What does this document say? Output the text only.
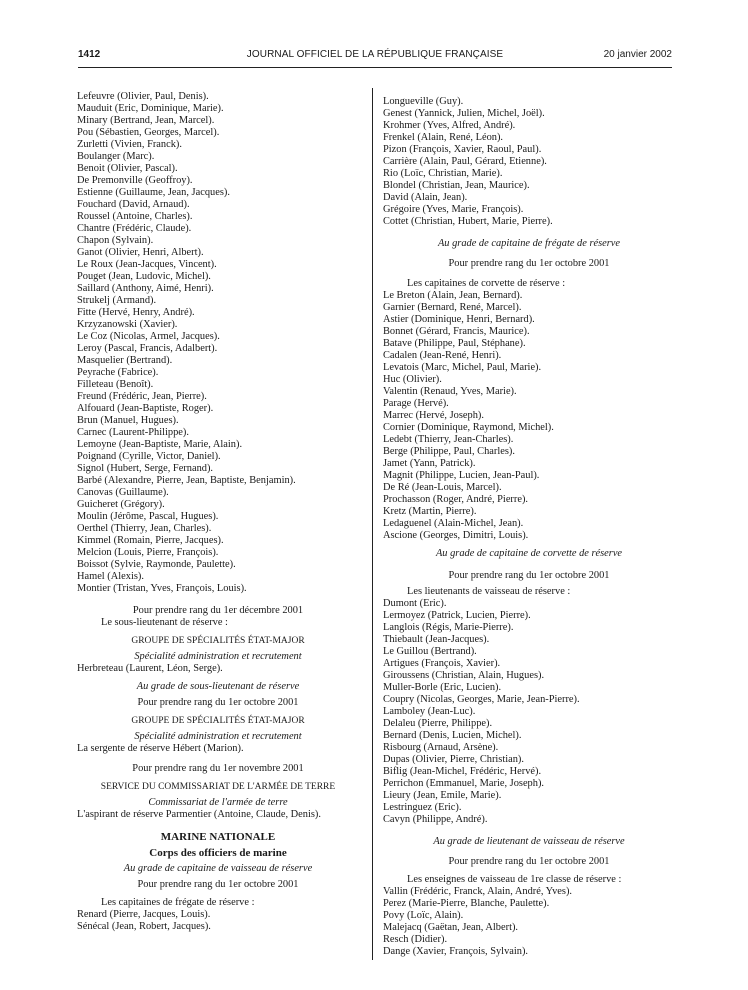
1412	JOURNAL OFFICIEL DE LA RÉPUBLIQUE FRANÇAISE	20 janvier 2002
Lefeuvre (Olivier, Paul, Denis).
Mauduit (Eric, Dominique, Marie).
Minary (Bertrand, Jean, Marcel).
Pou (Sébastien, Georges, Marcel).
Zurletti (Vivien, Franck).
Boulanger (Marc).
Benoit (Olivier, Pascal).
De Premonville (Geoffroy).
Estienne (Guillaume, Jean, Jacques).
Fouchard (David, Arnaud).
Roussel (Antoine, Charles).
Chantre (Frédéric, Claude).
Chapon (Sylvain).
Ganot (Olivier, Henri, Albert).
Le Roux (Jean-Jacques, Vincent).
Pouget (Jean, Ludovic, Michel).
Saillard (Anthony, Aimé, Henri).
Strukelj (Armand).
Fitte (Hervé, Henry, André).
Krzyzanowski (Xavier).
Le Coz (Nicolas, Armel, Jacques).
Leroy (Pascal, Francis, Adalbert).
Masquelier (Bertrand).
Peyrache (Fabrice).
Filleteau (Benoît).
Freund (Frédéric, Jean, Pierre).
Alfouard (Jean-Baptiste, Roger).
Brun (Manuel, Hugues).
Carnec (Laurent-Philippe).
Lemoyne (Jean-Baptiste, Marie, Alain).
Poignand (Cyrille, Victor, Daniel).
Signol (Hubert, Serge, Fernand).
Barbé (Alexandre, Pierre, Jean, Baptiste, Benjamin).
Canovas (Guillaume).
Guicheret (Grégory).
Moulin (Jérôme, Pascal, Hugues).
Oerthel (Thierry, Jean, Charles).
Kimmel (Romain, Pierre, Jacques).
Melcion (Louis, Pierre, François).
Boissot (Sylvie, Raymonde, Paulette).
Hamel (Alexis).
Montier (Tristan, Yves, François, Louis).
Pour prendre rang du 1er décembre 2001
Le sous-lieutenant de réserve :
GROUPE DE SPÉCIALITÉS ÉTAT-MAJOR
Spécialité administration et recrutement
Herbreteau (Laurent, Léon, Serge).
Au grade de sous-lieutenant de réserve
Pour prendre rang du 1er octobre 2001
GROUPE DE SPÉCIALITÉS ÉTAT-MAJOR
Spécialité administration et recrutement
La sergente de réserve Hébert (Marion).
Pour prendre rang du 1er novembre 2001
SERVICE DU COMMISSARIAT DE L'ARMÉE DE TERRE
Commissariat de l'armée de terre
L'aspirant de réserve Parmentier (Antoine, Claude, Denis).
MARINE NATIONALE
Corps des officiers de marine
Au grade de capitaine de vaisseau de réserve
Pour prendre rang du 1er octobre 2001
Les capitaines de frégate de réserve :
Renard (Pierre, Jacques, Louis).
Sénécal (Jean, Robert, Jacques).
Longueville (Guy).
Genest (Yannick, Julien, Michel, Joël).
Krohmer (Yves, Alfred, André).
Frenkel (Alain, René, Léon).
Pizon (François, Xavier, Raoul, Paul).
Carrière (Alain, Paul, Gérard, Etienne).
Rio (Loïc, Christian, Marie).
Blondel (Christian, Jean, Maurice).
David (Alain, Jean).
Grégoire (Yves, Marie, François).
Cottet (Christian, Hubert, Marie, Pierre).
Au grade de capitaine de frégate de réserve
Pour prendre rang du 1er octobre 2001
Les capitaines de corvette de réserve :
Le Breton (Alain, Jean, Bernard).
Garnier (Bernard, René, Marcel).
Astier (Dominique, Henri, Bernard).
Bonnet (Gérard, Francis, Maurice).
Batave (Philippe, Paul, Stéphane).
Cadalen (Jean-René, Henri).
Levatois (Marc, Michel, Paul, Marie).
Huc (Olivier).
Valentin (Renaud, Yves, Marie).
Parage (Hervé).
Marrec (Hervé, Joseph).
Cornier (Dominique, Raymond, Michel).
Ledebt (Thierry, Jean-Charles).
Berge (Philippe, Paul, Charles).
Jamet (Yann, Patrick).
Magnit (Philippe, Lucien, Jean-Paul).
De Ré (Jean-Louis, Marcel).
Prochasson (Roger, André, Pierre).
Kretz (Martin, Pierre).
Ledaguenel (Alain-Michel, Jean).
Ascione (Georges, Dimitri, Louis).
Au grade de capitaine de corvette de réserve
Pour prendre rang du 1er octobre 2001
Les lieutenants de vaisseau de réserve :
Dumont (Eric).
Lermoyez (Patrick, Lucien, Pierre).
Langlois (Régis, Marie-Pierre).
Thiebault (Jean-Jacques).
Le Guillou (Bertrand).
Artigues (François, Xavier).
Giroussens (Christian, Alain, Hugues).
Muller-Borle (Eric, Lucien).
Coupry (Nicolas, Georges, Marie, Jean-Pierre).
Lamboley (Jean-Luc).
Delaleu (Pierre, Philippe).
Bernard (Denis, Lucien, Michel).
Risbourg (Arnaud, Arsène).
Dupas (Olivier, Pierre, Christian).
Biflig (Jean-Michel, Frédéric, Hervé).
Perrichon (Emmanuel, Marie, Joseph).
Lieury (Jean, Emile, Marie).
Lestringuez (Eric).
Cavyn (Philippe, André).
Au grade de lieutenant de vaisseau de réserve
Pour prendre rang du 1er octobre 2001
Les enseignes de vaisseau de 1re classe de réserve :
Vallin (Frédéric, Franck, Alain, André, Yves).
Perez (Marie-Pierre, Blanche, Paulette).
Povy (Loïc, Alain).
Malejacq (Gaëtan, Jean, Albert).
Resch (Didier).
Dange (Xavier, François, Sylvain).
